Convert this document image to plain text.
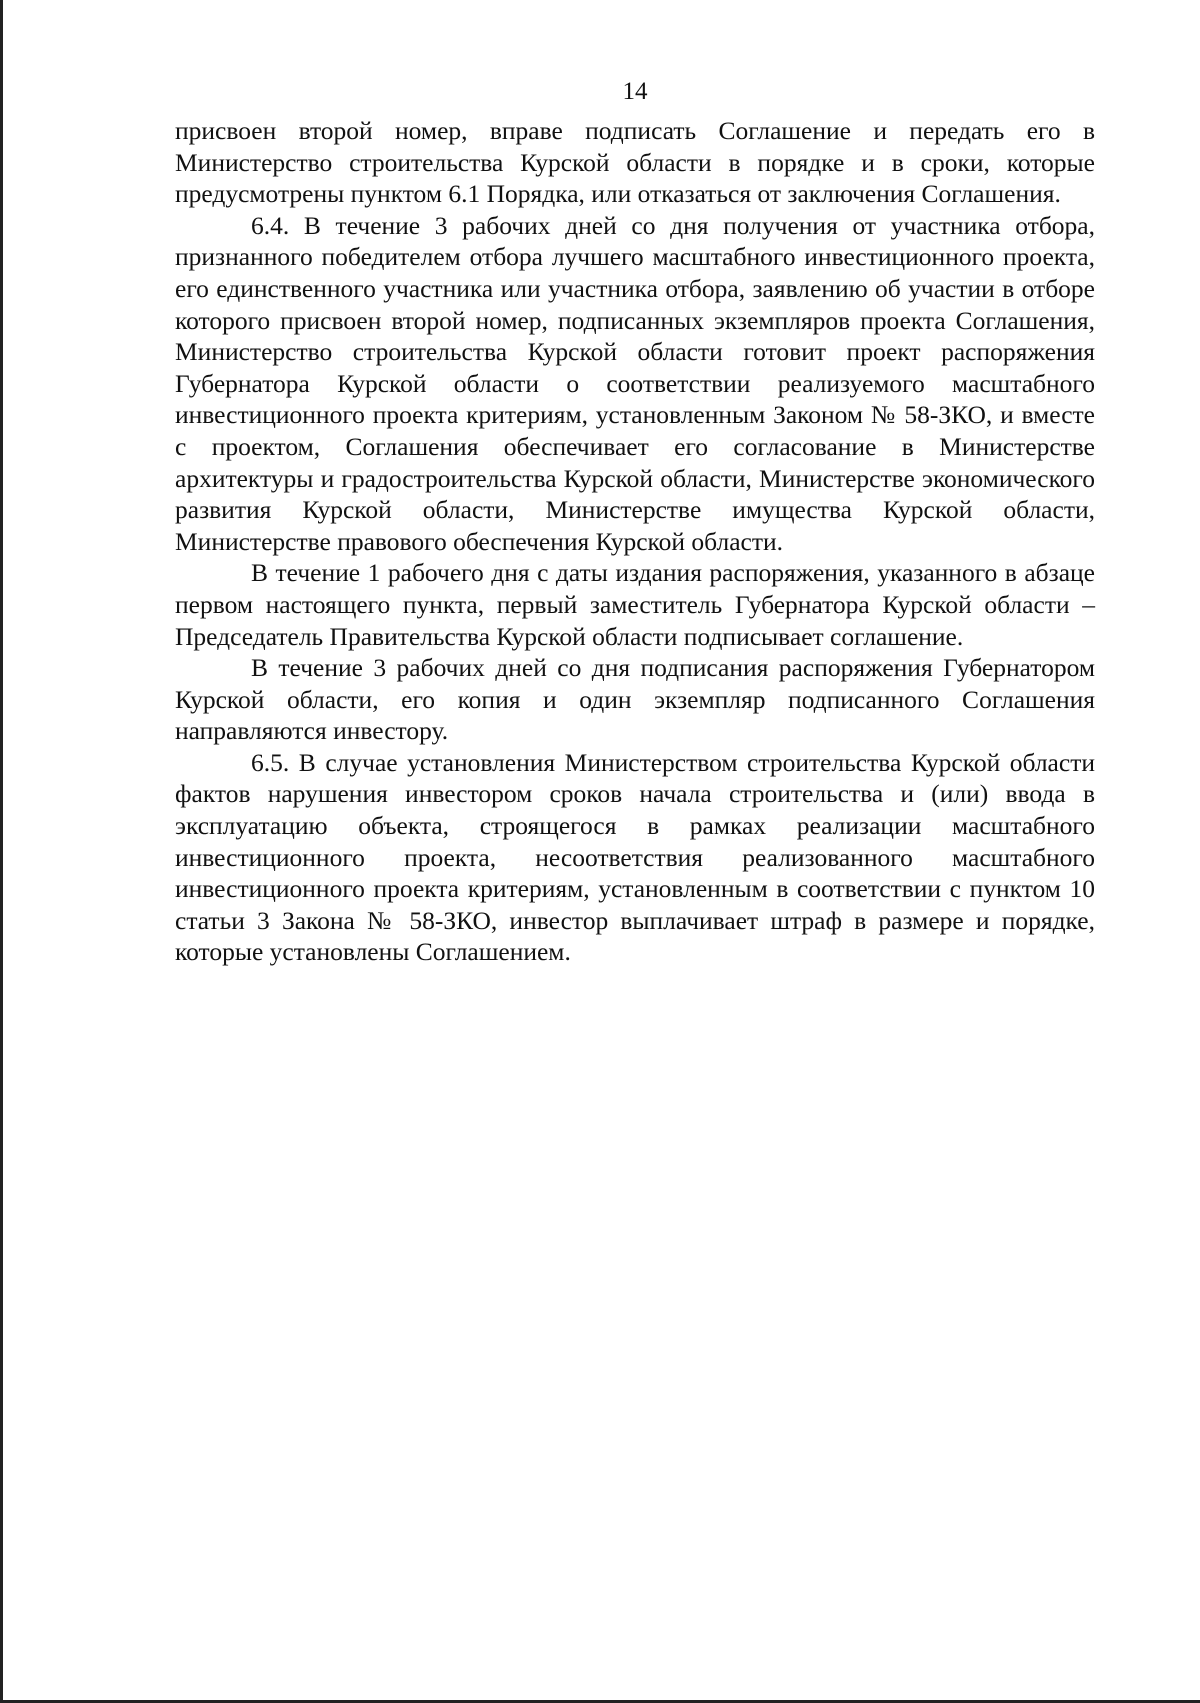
14

присвоен второй номер, вправе подписать Соглашение и передать его в Министерство строительства Курской области в порядке и в сроки, которые предусмотрены пунктом 6.1 Порядка, или отказаться от заключения Соглашения.

6.4. В течение 3 рабочих дней со дня получения от участника отбора, признанного победителем отбора лучшего масштабного инвестиционного проекта, его единственного участника или участника отбора, заявлению об участии в отборе которого присвоен второй номер, подписанных экземпляров проекта Соглашения, Министерство строительства Курской области готовит проект распоряжения Губернатора Курской области о соответствии реализуемого масштабного инвестиционного проекта критериям, установленным Законом № 58-ЗКО, и вместе с проектом, Соглашения обеспечивает его согласование в Министерстве архитектуры и градостроительства Курской области, Министерстве экономического развития Курской области, Министерстве имущества Курской области, Министерстве правового обеспечения Курской области.

В течение 1 рабочего дня с даты издания распоряжения, указанного в абзаце первом настоящего пункта, первый заместитель Губернатора Курской области – Председатель Правительства Курской области подписывает соглашение.

В течение 3 рабочих дней со дня подписания распоряжения Губернатором Курской области, его копия и один экземпляр подписанного Соглашения направляются инвестору.

6.5. В случае установления Министерством строительства Курской области фактов нарушения инвестором сроков начала строительства и (или) ввода в эксплуатацию объекта, строящегося в рамках реализации масштабного инвестиционного проекта, несоответствия реализованного масштабного инвестиционного проекта критериям, установленным в соответствии с пунктом 10 статьи 3 Закона № 58-ЗКО, инвестор выплачивает штраф в размере и порядке, которые установлены Соглашением.
